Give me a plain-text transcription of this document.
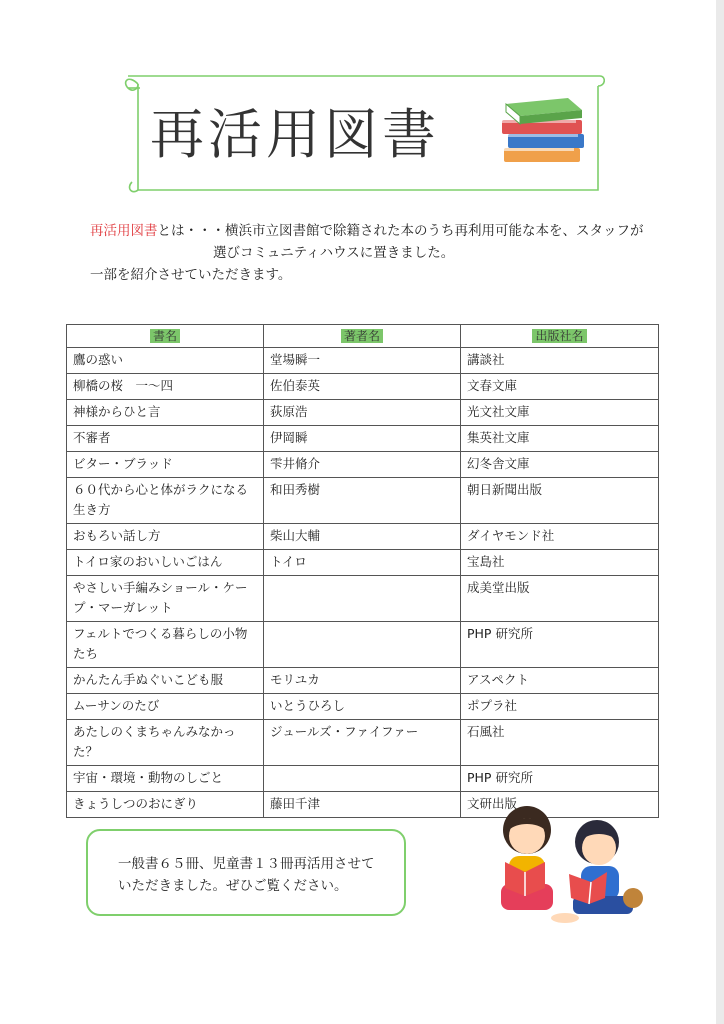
再活用図書
再活用図書とは・・・横浜市立図書館で除籍された本のうち再利用可能な本を、スタッフが
選びコミュニティハウスに置きました。
一部を紹介させていただきます。
書名	著者名	出版社名
鷹の惑い	堂場瞬一	講談社
柳橋の桜　一～四	佐伯泰英	文春文庫
神様からひと言	荻原浩	光文社文庫
不審者	伊岡瞬	集英社文庫
ビター・ブラッド	雫井脩介	幻冬舎文庫
６０代から心と体がラクになる生き方	和田秀樹	朝日新聞出版
おもろい話し方	柴山大輔	ダイヤモンド社
トイロ家のおいしいごはん	トイロ	宝島社
やさしい手編みショール・ケープ・マーガレット		成美堂出版
フェルトでつくる暮らしの小物たち		PHP 研究所
かんたん手ぬぐいこども服	モリユカ	アスペクト
ムーサンのたび	いとうひろし	ポプラ社
あたしのくまちゃんみなかった？	ジュールズ・ファイファー	石風社
宇宙・環境・動物のしごと		PHP 研究所
きょうしつのおにぎり	藤田千津	文研出版
一般書６５冊、児童書１３冊再活用させて
いただきました。ぜひご覧ください。
